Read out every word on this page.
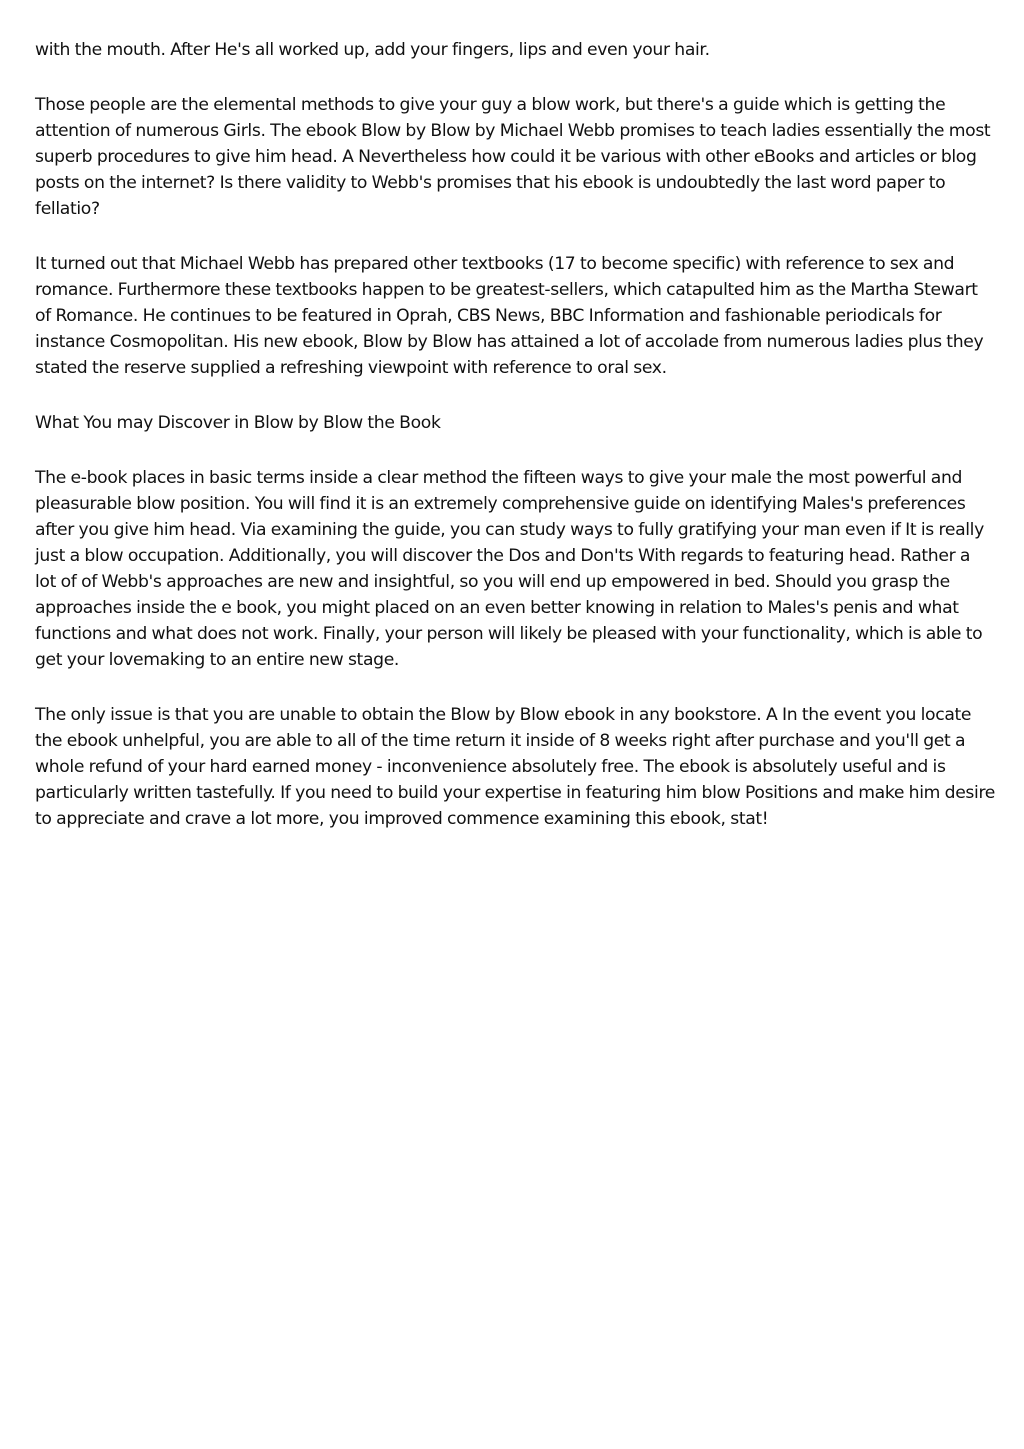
with the mouth. After He's all worked up, add your fingers, lips and even your hair.

Those people are the elemental methods to give your guy a blow work, but there's a guide which is getting the attention of numerous Girls. The ebook Blow by Blow by Michael Webb promises to teach ladies essentially the most superb procedures to give him head. A Nevertheless how could it be various with other eBooks and articles or blog posts on the internet? Is there validity to Webb's promises that his ebook is undoubtedly the last word paper to fellatio?

It turned out that Michael Webb has prepared other textbooks (17 to become specific) with reference to sex and romance. Furthermore these textbooks happen to be greatest-sellers, which catapulted him as the Martha Stewart of Romance. He continues to be featured in Oprah, CBS News, BBC Information and fashionable periodicals for instance Cosmopolitan. His new ebook, Blow by Blow has attained a lot of accolade from numerous ladies plus they stated the reserve supplied a refreshing viewpoint with reference to oral sex.

What You may Discover in Blow by Blow the Book

The e-book places in basic terms inside a clear method the fifteen ways to give your male the most powerful and pleasurable blow position. You will find it is an extremely comprehensive guide on identifying Males's preferences after you give him head. Via examining the guide, you can study ways to fully gratifying your man even if It is really just a blow occupation. Additionally, you will discover the Dos and Don'ts With regards to featuring head. Rather a lot of of Webb's approaches are new and insightful, so you will end up empowered in bed. Should you grasp the approaches inside the e book, you might placed on an even better knowing in relation to Males's penis and what functions and what does not work. Finally, your person will likely be pleased with your functionality, which is able to get your lovemaking to an entire new stage.

The only issue is that you are unable to obtain the Blow by Blow ebook in any bookstore. A In the event you locate the ebook unhelpful, you are able to all of the time return it inside of 8 weeks right after purchase and you'll get a whole refund of your hard earned money - inconvenience absolutely free. The ebook is absolutely useful and is particularly written tastefully. If you need to build your expertise in featuring him blow Positions and make him desire to appreciate and crave a lot more, you improved commence examining this ebook, stat!
